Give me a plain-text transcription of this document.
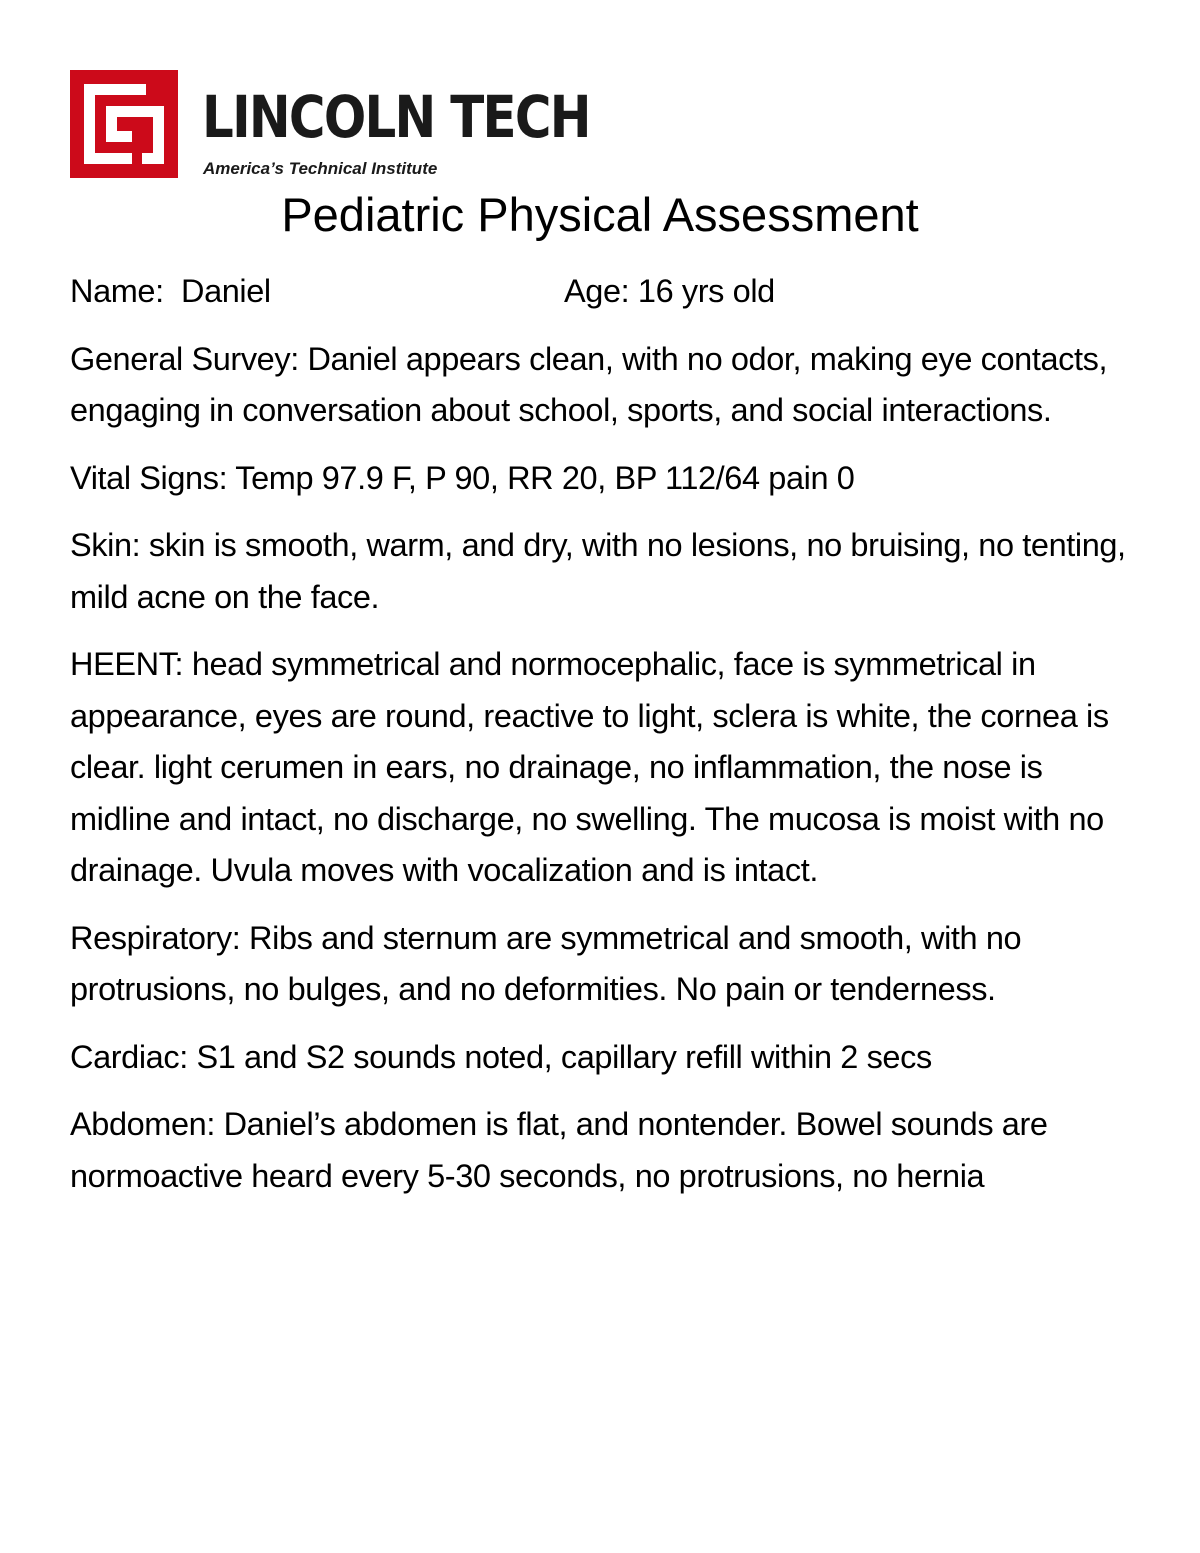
LINCOLN TECH
America’s Technical Institute
Pediatric Physical Assessment
Name: Daniel	Age: 16 yrs old

General Survey: Daniel appears clean, with no odor, making eye contacts, engaging in conversation about school, sports, and social interactions.

Vital Signs: Temp 97.9 F, P 90, RR 20, BP 112/64 pain 0

Skin: skin is smooth, warm, and dry, with no lesions, no bruising, no tenting, mild acne on the face.

HEENT: head symmetrical and normocephalic, face is symmetrical in appearance, eyes are round, reactive to light, sclera is white, the cornea is clear. light cerumen in ears, no drainage, no inflammation, the nose is midline and intact, no discharge, no swelling. The mucosa is moist with no drainage. Uvula moves with vocalization and is intact.

Respiratory: Ribs and sternum are symmetrical and smooth, with no protrusions, no bulges, and no deformities. No pain or tenderness.

Cardiac: S1 and S2 sounds noted, capillary refill within 2 secs

Abdomen: Daniel’s abdomen is flat, and nontender. Bowel sounds are normoactive heard every 5-30 seconds, no protrusions, no hernia
